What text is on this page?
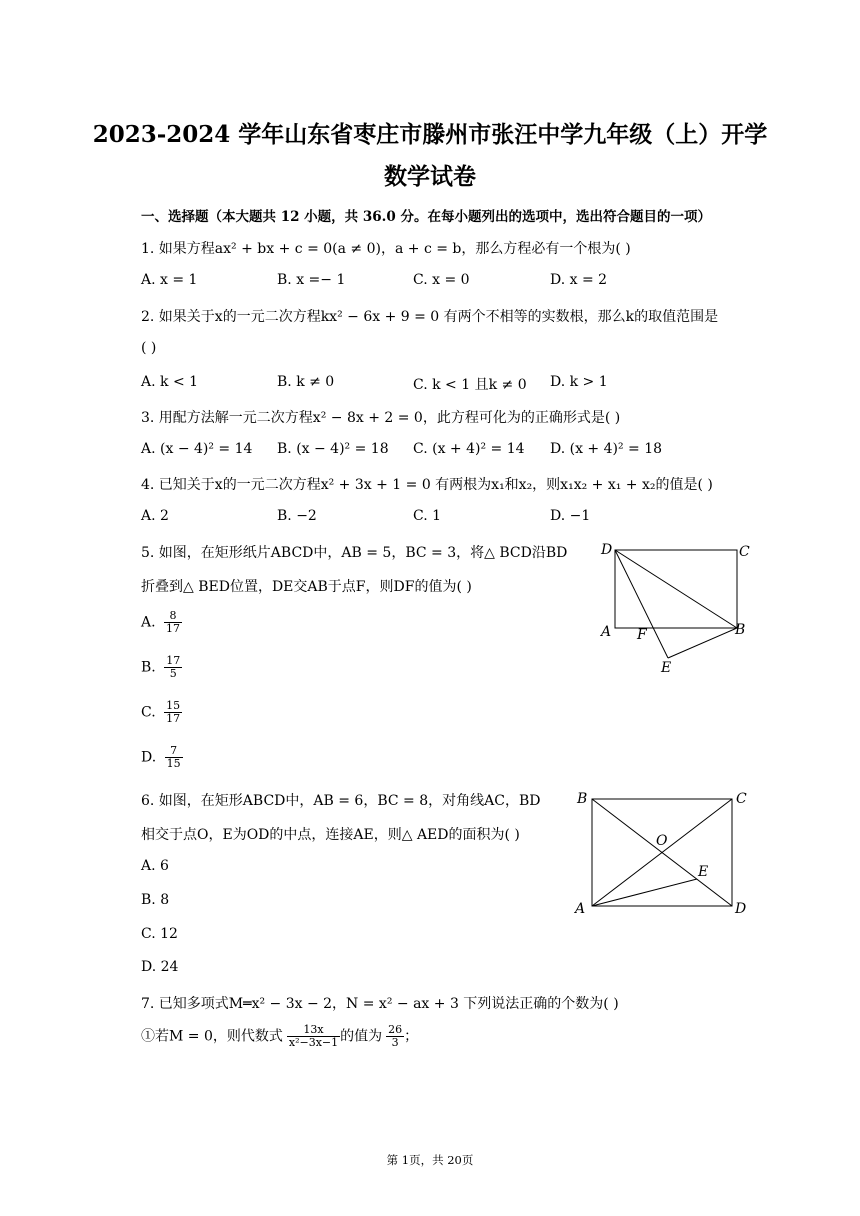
2023-2024 学年山东省枣庄市滕州市张汪中学九年级（上）开学
数学试卷
一、选择题（本大题共 12 小题，共 36.0 分。在每小题列出的选项中，选出符合题目的一项）
1. 如果方程ax² + bx + c = 0(a ≠ 0)，a + c = b，那么方程必有一个根为( )
A. x = 1	B. x =− 1	C. x = 0	D. x = 2
2. 如果关于x的一元二次方程kx² − 6x + 9 = 0 有两个不相等的实数根，那么k的取值范围是
( )
A. k < 1	B. k ≠ 0	C. k < 1 且k ≠ 0 D. k > 1
3. 用配方法解一元二次方程x² − 8x + 2 = 0，此方程可化为的正确形式是( )
A. (x − 4)² = 14 B. (x − 4)² = 18 C. (x + 4)² = 14 D. (x + 4)² = 18
4. 已知关于x的一元二次方程x² + 3x + 1 = 0 有两根为x₁和x₂，则x₁x₂ + x₁ + x₂的值是( )
A. 2	B. −2	C. 1	D. −1
5. 如图，在矩形纸片ABCD中，AB = 5，BC = 3，将△ BCD沿BD
折叠到△ BED位置，DE交AB于点F，则DF的值为( )
A. $\frac{8}{17}$
B. $\frac{17}{5}$
C. $\frac{15}{17}$
D. $\frac{7}{15}$
D	C
A F	B
E
6. 如图，在矩形ABCD中，AB = 6，BC = 8，对角线AC，BD
相交于点O，E为OD的中点，连接AE，则△ AED的面积为( )
A. 6
B. 8
C. 12
D. 24
B	C
O
E
A	D
7. 已知多项式M═x² − 3x − 2，N = x² − ax + 3 下列说法正确的个数为( )
①若M = 0，则代数式 $\frac{13x}{\text{x²−3x−1}}$ 的值为 $\frac{26}{3}$ ；
第 1页，共 20页
